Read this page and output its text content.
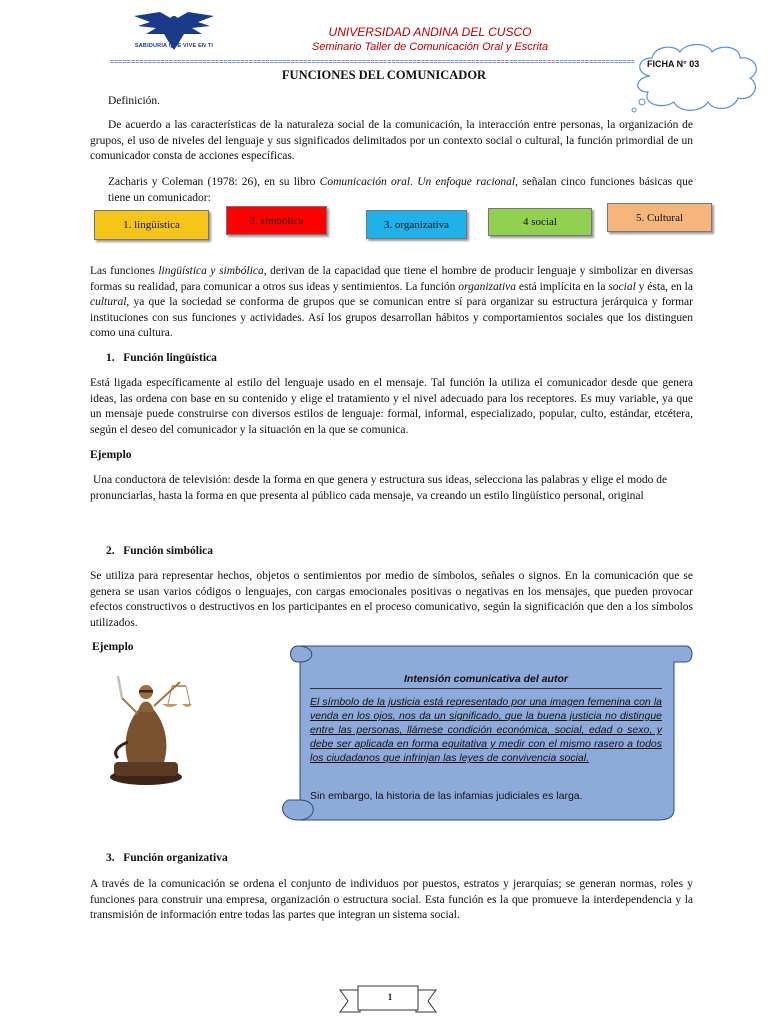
SABIDURIA QUE VIVE EN TI
UNIVERSIDAD ANDINA DEL CUSCO
Seminario Taller de Comunicación Oral y Escrita
=============================================================================================================================	FICHA N° 03
FUNCIONES DEL COMUNICADOR

Definición.

De acuerdo a las características de la naturaleza social de la comunicación, la interacción entre personas, la organización de grupos, el uso de niveles del lenguaje y sus significados delimitados por un contexto social o cultural, la función primordial de un comunicador consta de acciones específicas.

Zacharis y Coleman (1978: 26), en su libro Comunicación oral. Un enfoque racional, señalan cinco funciones básicas que tiene un comunicador:

1. lingüística	2. simbólica	3. organizativa	4 social	5. Cultural

Las funciones lingüística y simbólica, derivan de la capacidad que tiene el hombre de producir lenguaje y simbolizar en diversas formas su realidad, para comunicar a otros sus ideas y sentimientos. La función organizativa está implícita en la social y ésta, en la cultural, ya que la sociedad se conforma de grupos que se comunican entre sí para organizar su estructura jerárquica y formar instituciones con sus funciones y actividades. Así los grupos desarrollan hábitos y comportamientos sociales que los distinguen como una cultura.

1. Función lingüística

Está ligada específicamente al estilo del lenguaje usado en el mensaje. Tal función la utiliza el comunicador desde que genera ideas, las ordena con base en su contenido y elige el tratamiento y el nivel adecuado para los receptores. Es muy variable, ya que un mensaje puede construirse con diversos estilos de lenguaje: formal, informal, especializado, popular, culto, estándar, etcétera, según el deseo del comunicador y la situación en la que se comunica.

Ejemplo

Una conductora de televisión: desde la forma en que genera y estructura sus ideas, selecciona las palabras y elige el modo de pronunciarlas, hasta la forma en que presenta al público cada mensaje, va creando un estilo lingüístico personal, original

2. Función simbólica

Se utiliza para representar hechos, objetos o sentimientos por medio de símbolos, señales o signos. En la comunicación que se genera se usan varios códigos o lenguajes, con cargas emocionales positivas o negativas en los mensajes, que pueden provocar efectos constructivos o destructivos en los participantes en el proceso comunicativo, según la significación que den a los símbolos utilizados.

Ejemplo
Intensión comunicativa del autor

El símbolo de la justicia está representado por una imagen femenina con la venda en los ojos, nos da un significado, que la buena justicia no distingue entre las personas, llámese condición económica, social, edad o sexo, y debe ser aplicada en forma equitativa y medir con el mismo rasero a todos los ciudadanos que infrinjan las leyes de convivencia social.

Sin embargo, la historia de las infamias judiciales es larga.

3. Función organizativa

A través de la comunicación se ordena el conjunto de individuos por puestos, estratos y jerarquías; se generan normas, roles y funciones para construir una empresa, organización o estructura social. Esta función es la que promueve la interdependencia y la transmisión de información entre todas las partes que integran un sistema social.

1
